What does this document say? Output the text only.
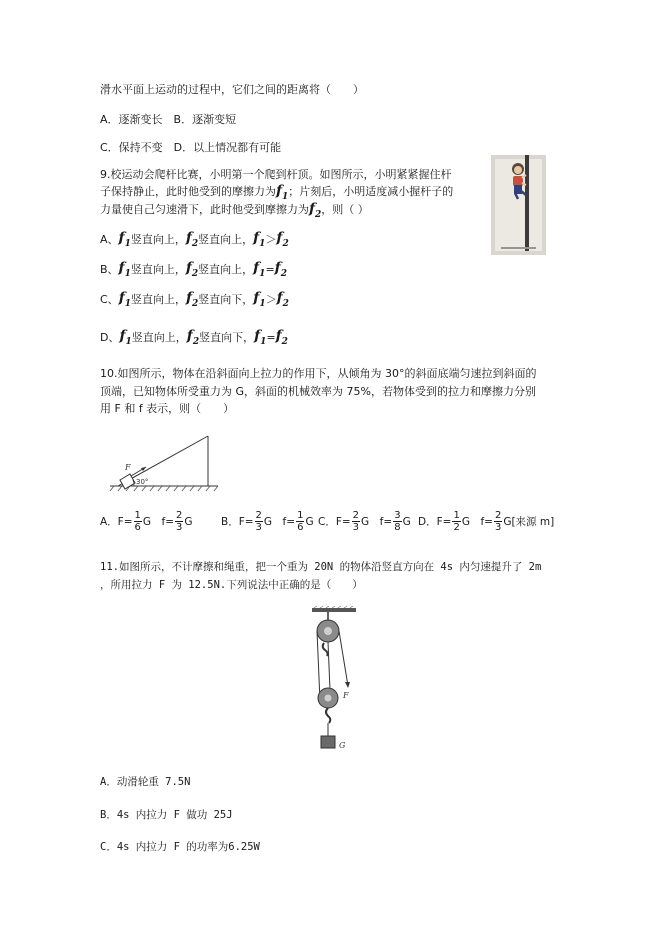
滑水平面上运动的过程中，它们之间的距离将（　　）
A．逐渐变长　B．逐渐变短
C．保持不变　D．以上情况都有可能
9.校运动会爬杆比赛，小明第一个爬到杆顶。如图所示，小明紧紧握住杆
子保持静止，此时他受到的摩擦力为$f_1$；片刻后，小明适度减小握杆子的
力量使自己匀速滑下，此时他受到摩擦力为$f_2$，则（ ）
A、 $f_1$ 竖直向上， $f_2$ 竖直向上， $f_1 > f_2$
B、 $f_1$ 竖直向上， $f_2$ 竖直向上， $f_1 = f_2$
C、 $f_1$ 竖直向上， $f_2$ 竖直向下， $f_1 > f_2$
D、 $f_1$ 竖直向上， $f_2$ 竖直向下， $f_1 = f_2$
10.如图所示，物体在沿斜面向上拉力的作用下，从倾角为 30°的斜面底端匀速拉到斜面的
顶端，已知物体所受重力为 G，斜面的机械效率为 75%，若物体受到的拉力和摩擦力分别
用 F 和 f 表示，则（　　）
F
30°
A．$F= \frac{1}{6}$ G　$f= \frac{2}{3}$ G	B．$F= \frac{2}{3}$ G　$f= \frac{1}{6}$ G C．$F= \frac{2}{3}$ G　$f= \frac{3}{8}$ G D．$F= \frac{1}{2}$ G　$f= \frac{2}{3} G$[来源 m]
11.如图所示，不计摩擦和绳重，把一个重为 20N 的物体沿竖直方向在 4s 内匀速提升了 2m
，所用拉力 F 为 12.5N.下列说法中正确的是（　　）
F
G
A．动滑轮重 7.5N
B．4s 内拉力 F 做功 25J
C．4s 内拉力 F 的功率为6.25W
